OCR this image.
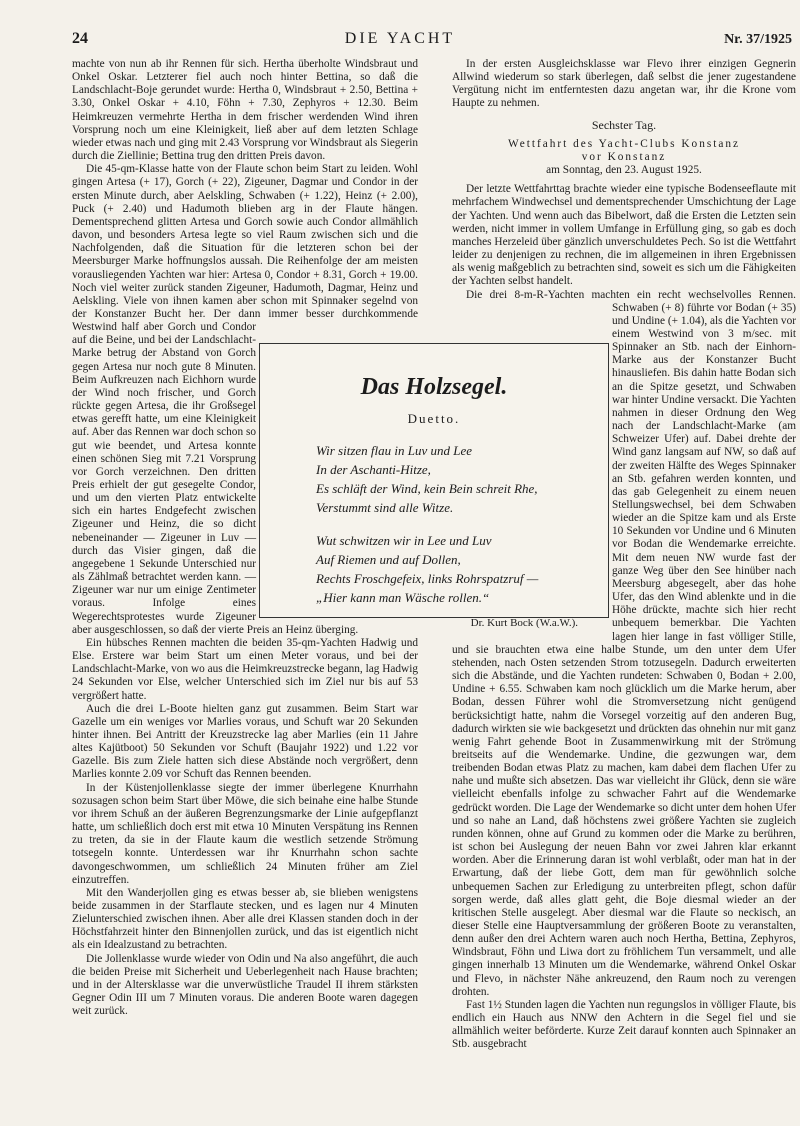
24	DIE YACHT	Nr. 37/1925

machte von nun ab ihr Rennen für sich. Hertha überholte Windsbraut und Onkel Oskar. Letzterer fiel auch noch hinter Bettina, so daß die Landschlacht-Boje gerundet wurde: Hertha 0, Windsbraut + 2.50, Bettina + 3.30, Onkel Oskar + 4.10, Föhn + 7.30, Zephyros + 12.30. Beim Heimkreuzen vermehrte Hertha in dem frischer werdenden Wind ihren Vorsprung noch um eine Kleinigkeit, ließ aber auf dem letzten Schlage wieder etwas nach und ging mit 2.43 Vorsprung vor Windsbraut als Siegerin durch die Ziellinie; Bettina trug den dritten Preis davon.

Die 45-qm-Klasse hatte von der Flaute schon beim Start zu leiden. Wohl gingen Artesa (+ 17), Gorch (+ 22), Zigeuner, Dagmar und Condor in der ersten Minute durch, aber Aelskling, Schwaben (+ 1.22), Heinz (+ 2.00), Puck (+ 2.40) und Hadumoth blieben arg in der Flaute hängen. Dementsprechend glitten Artesa und Gorch sowie auch Condor allmählich davon, und besonders Artesa legte so viel Raum zwischen sich und die Nachfolgenden, daß die Situation für die letzteren schon bei der Meersburger Marke hoffnungslos aussah. Die Reihenfolge der am meisten vorausliegenden Yachten war hier: Artesa 0, Condor + 8.31, Gorch + 19.00. Noch viel weiter zurück standen Zigeuner, Hadumoth, Dagmar, Heinz und Aelskling. Viele von ihnen kamen aber schon mit Spinnaker segelnd von der Konstanzer Bucht her. Der dann immer besser durchkommende Westwind half aber Gorch und Condor auf die Beine, und bei der Landschlacht-Marke betrug der Abstand von Gorch gegen Artesa nur noch gute 8 Minuten. Beim Aufkreuzen nach Eichhorn wurde der Wind noch frischer, und Gorch rückte gegen Artesa, die ihr Großsegel etwas gerefft hatte, um eine Kleinigkeit auf. Aber das Rennen war doch schon so gut wie beendet, und Artesa konnte einen schönen Sieg mit 7.21 Vorsprung vor Gorch verzeichnen. Den dritten Preis erhielt der gut gesegelte Condor, und um den vierten Platz entwickelte sich ein hartes Endgefecht zwischen Zigeuner und Heinz, die so dicht nebeneinander — Zigeuner in Luv — durch das Visier gingen, daß die angegebene 1 Sekunde Unterschied nur als Zählmaß betrachtet werden kann. — Zigeuner war nur um einige Zentimeter voraus. Infolge eines Wegerechtsprotestes wurde Zigeuner aber ausgeschlossen, so daß der vierte Preis an Heinz überging.

Ein hübsches Rennen machten die beiden 35-qm-Yachten Hadwig und Else. Erstere war beim Start um einen Meter voraus, und bei der Landschlacht-Marke, von wo aus die Heimkreuzstrecke begann, lag Hadwig 24 Sekunden vor Else, welcher Unterschied sich im Ziel nur bis auf 53 vergrößert hatte.

Auch die drei L-Boote hielten ganz gut zusammen. Beim Start war Gazelle um ein weniges vor Marlies voraus, und Schuft war 20 Sekunden hinter ihnen. Bei Antritt der Kreuzstrecke lag aber Marlies (ein 11 Jahre altes Kajütboot) 50 Sekunden vor Schuft (Baujahr 1922) und 1.22 vor Gazelle. Bis zum Ziele hatten sich diese Abstände noch vergrößert, denn Marlies konnte 2.09 vor Schuft das Rennen beenden.

In der Küstenjollenklasse siegte der immer überlegene Knurrhahn sozusagen schon beim Start über Möwe, die sich beinahe eine halbe Stunde vor ihrem Schuß an der äußeren Begrenzungsmarke der Linie aufgepflanzt hatte, um schließlich doch erst mit etwa 10 Minuten Verspätung ins Rennen zu treten, da sie in der Flaute kaum die westlich setzende Strömung totsegeln konnte. Unterdessen war ihr Knurrhahn schon sachte davongeschwommen, um schließlich 24 Minuten früher am Ziel einzutreffen.

Mit den Wanderjollen ging es etwas besser ab, sie blieben wenigstens beide zusammen in der Starflaute stecken, und es lagen nur 4 Minuten Zielunterschied zwischen ihnen. Aber alle drei Klassen standen doch in der Höchstfahrzeit hinter den Binnenjollen zurück, und das ist eigentlich nicht als ein Idealzustand zu betrachten.

Die Jollenklasse wurde wieder von Odin und Na also angeführt, die auch die beiden Preise mit Sicherheit und Ueberlegenheit nach Hause brachten; und in der Altersklasse war die unverwüstliche Traudel II ihrem stärksten Gegner Odin III um 7 Minuten voraus. Die anderen Boote waren dagegen weit zurück.

In der ersten Ausgleichsklasse war Flevo ihrer einzigen Gegnerin Allwind wiederum so stark überlegen, daß selbst die jener zugestandene Vergütung nicht im entferntesten dazu angetan war, ihr die Krone vom Haupte zu nehmen.

Sechster Tag.

Wettfahrt des Yacht-Clubs Konstanz

vor Konstanz

am Sonntag, den 23. August 1925.

Der letzte Wettfahrttag brachte wieder eine typische Bodenseeflaute mit mehrfachem Windwechsel und dementsprechender Umschichtung der Lage der Yachten. Und wenn auch das Bibelwort, daß die Ersten die Letzten sein werden, nicht immer in vollem Umfange in Erfüllung ging, so gab es doch manches Herzeleid über gänzlich unverschuldetes Pech. So ist die Wettfahrt leider zu denjenigen zu rechnen, die im allgemeinen in ihren Ergebnissen als wenig maßgeblich zu betrachten sind, soweit es sich um die Fähigkeiten der Yachten selbst handelt.

Die drei 8-m-R-Yachten machten ein recht wechselvolles Rennen. Schwaben (+ 8) führte vor Bodan (+ 35) und Undine (+ 1.04), als die Yachten vor einem Westwind von 3 m/sec. mit Spinnaker an Stb. nach der Einhorn-Marke aus der Konstanzer Bucht hinausliefen. Bis dahin hatte Bodan sich an die Spitze gesetzt, und Schwaben war hinter Undine versackt. Die Yachten nahmen in dieser Ordnung den Weg nach der Landschlacht-Marke (am Schweizer Ufer) auf. Dabei drehte der Wind ganz langsam auf NW, so daß auf der zweiten Hälfte des Weges Spinnaker an Stb. gefahren werden konnten, und das gab Gelegenheit zu einem neuen Stellungswechsel, bei dem Schwaben wieder an die Spitze kam und als Erste 10 Sekunden vor Undine und 6 Minuten vor Bodan die Wendemarke erreichte. Mit dem neuen NW wurde fast der ganze Weg über den See hinüber nach Meersburg abgesegelt, aber das hohe Ufer, das den Wind ablenkte und in die Höhe drückte, machte sich hier recht unbequem bemerkbar. Die Yachten lagen hier lange in fast völliger Stille, und sie brauchten etwa eine halbe Stunde, um den unter dem Ufer stehenden, nach Osten setzenden Strom totzusegeln. Dadurch erweiterten sich die Abstände, und die Yachten rundeten: Schwaben 0, Bodan + 2.00, Undine + 6.55. Schwaben kam noch glücklich um die Marke herum, aber Bodan, dessen Führer wohl die Stromversetzung nicht genügend berücksichtigt hatte, nahm die Vorsegel vorzeitig auf den anderen Bug, dadurch wirkten sie wie backgesetzt und drückten das ohnehin nur mit ganz wenig Fahrt gehende Boot in Zusammenwirkung mit der Strömung breitseits auf die Wendemarke. Undine, die gezwungen war, dem treibenden Bodan etwas Platz zu machen, kam dabei dem flachen Ufer zu nahe und mußte sich absetzen. Das war vielleicht ihr Glück, denn sie wäre vielleicht ebenfalls infolge zu schwacher Fahrt auf die Wendemarke gedrückt worden. Die Lage der Wendemarke so dicht unter dem hohen Ufer und so nahe an Land, daß höchstens zwei größere Yachten sie zugleich runden können, ohne auf Grund zu kommen oder die Marke zu berühren, ist schon bei Auslegung der neuen Bahn vor zwei Jahren klar erkannt worden. Aber die Erinnerung daran ist wohl verblaßt, oder man hat in der Erwartung, daß der liebe Gott, dem man für gewöhnlich solche unbequemen Sachen zur Erledigung zu unterbreiten pflegt, schon dafür sorgen werde, daß alles glatt geht, die Boje diesmal wieder an der kritischen Stelle ausgelegt. Aber diesmal war die Flaute so neckisch, an dieser Stelle eine Hauptversammlung der größeren Boote zu veranstalten, denn außer den drei Achtern waren auch noch Hertha, Bettina, Zephyros, Windsbraut, Föhn und Liwa dort zu fröhlichem Tun versammelt, und alle gingen innerhalb 13 Minuten um die Wendemarke, während Onkel Oskar und Flevo, in nächster Nähe ankreuzend, den Raum noch zu verengen drohten.

Fast 1½ Stunden lagen die Yachten nun regungslos in völliger Flaute, bis endlich ein Hauch aus NNW den Achtern in die Segel fiel und sie allmählich weiter beförderte. Kurze Zeit darauf konnten auch Spinnaker an Stb. ausgebracht

Das Holzsegel.
Duetto.
Wir sitzen flau in Luv und Lee
In der Aschanti-Hitze,
Es schläft der Wind, kein Bein schreit Rhe,
Verstummt sind alle Witze.
Wut schwitzen wir in Lee und Luv
Auf Riemen und auf Dollen,
Rechts Froschgefeix, links Rohrspatzruf —
„Hier kann man Wäsche rollen.“
Dr. Kurt Bock (W.a.W.).
